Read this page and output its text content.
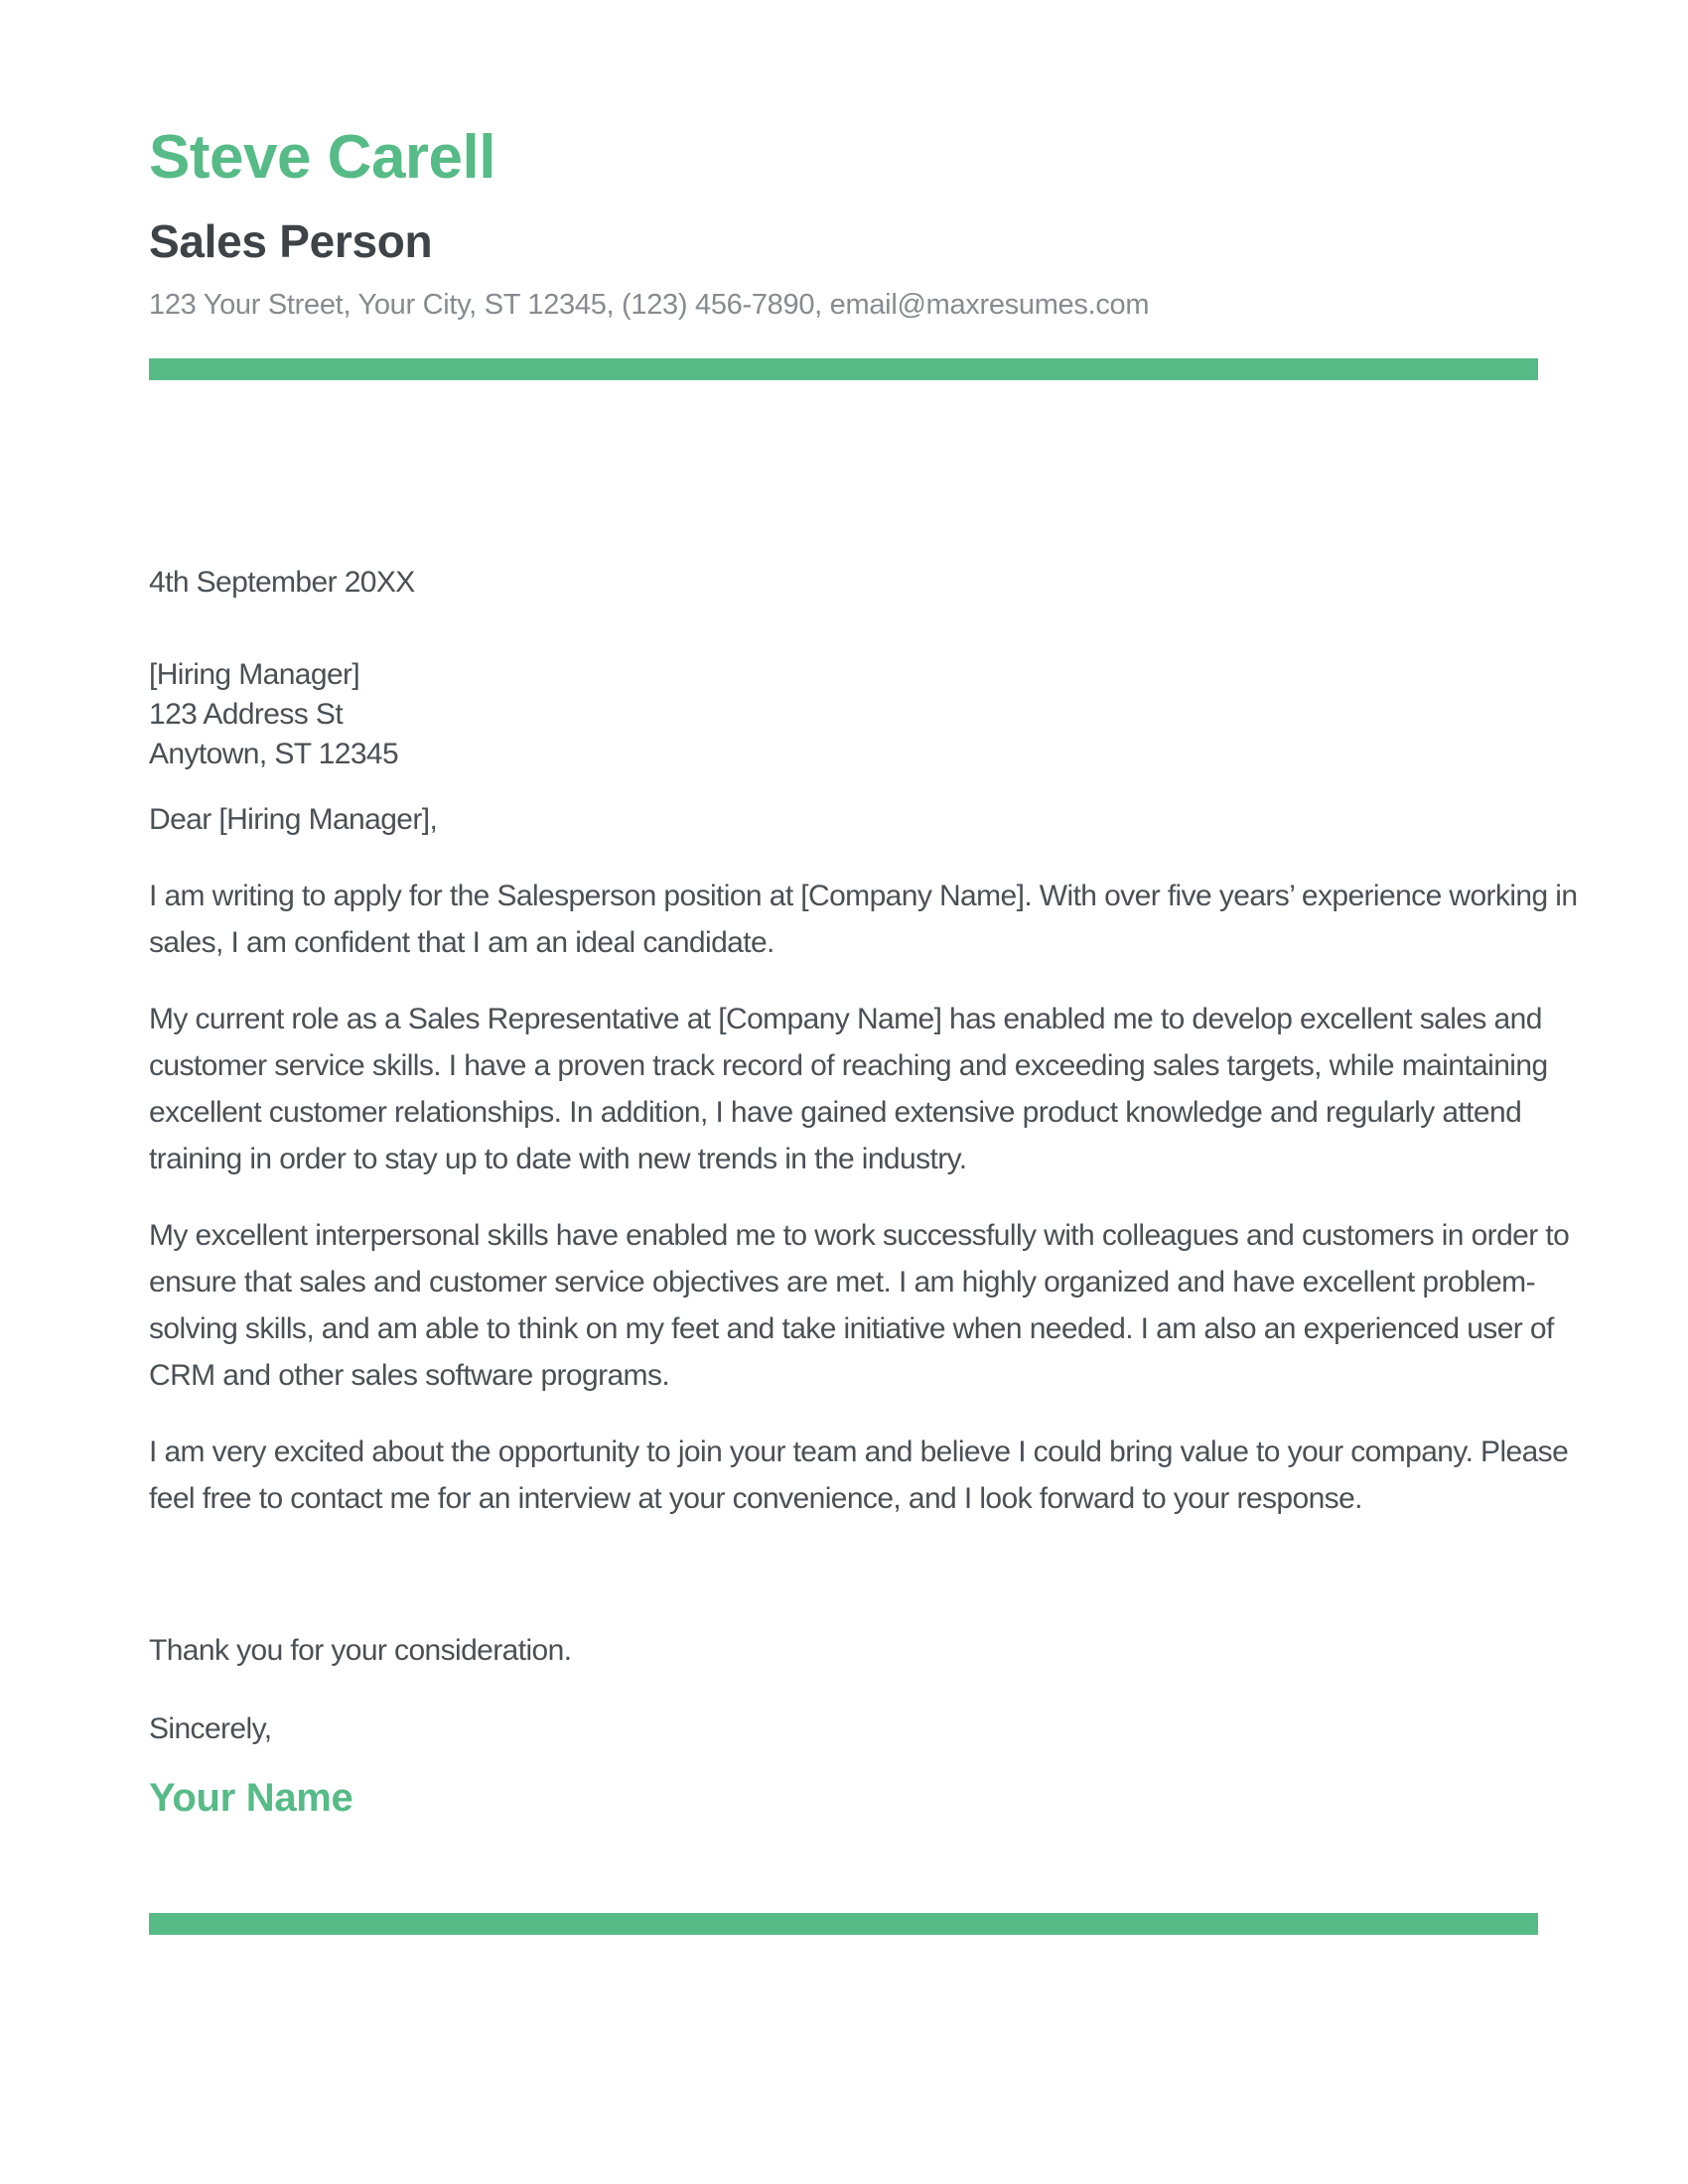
Steve Carell
Sales Person
123 Your Street, Your City, ST 12345, (123) 456-7890, email@maxresumes.com
4th September 20XX
[Hiring Manager]
123 Address St
Anytown, ST 12345
Dear [Hiring Manager],

I am writing to apply for the Salesperson position at [Company Name]. With over five years’ experience working in sales, I am confident that I am an ideal candidate.

My current role as a Sales Representative at [Company Name] has enabled me to develop excellent sales and customer service skills. I have a proven track record of reaching and exceeding sales targets, while maintaining excellent customer relationships. In addition, I have gained extensive product knowledge and regularly attend training in order to stay up to date with new trends in the industry.

My excellent interpersonal skills have enabled me to work successfully with colleagues and customers in order to ensure that sales and customer service objectives are met. I am highly organized and have excellent problem- solving skills, and am able to think on my feet and take initiative when needed. I am also an experienced user of CRM and other sales software programs.

I am very excited about the opportunity to join your team and believe I could bring value to your company. Please feel free to contact me for an interview at your convenience, and I look forward to your response.

Thank you for your consideration.
Sincerely,
Your Name
